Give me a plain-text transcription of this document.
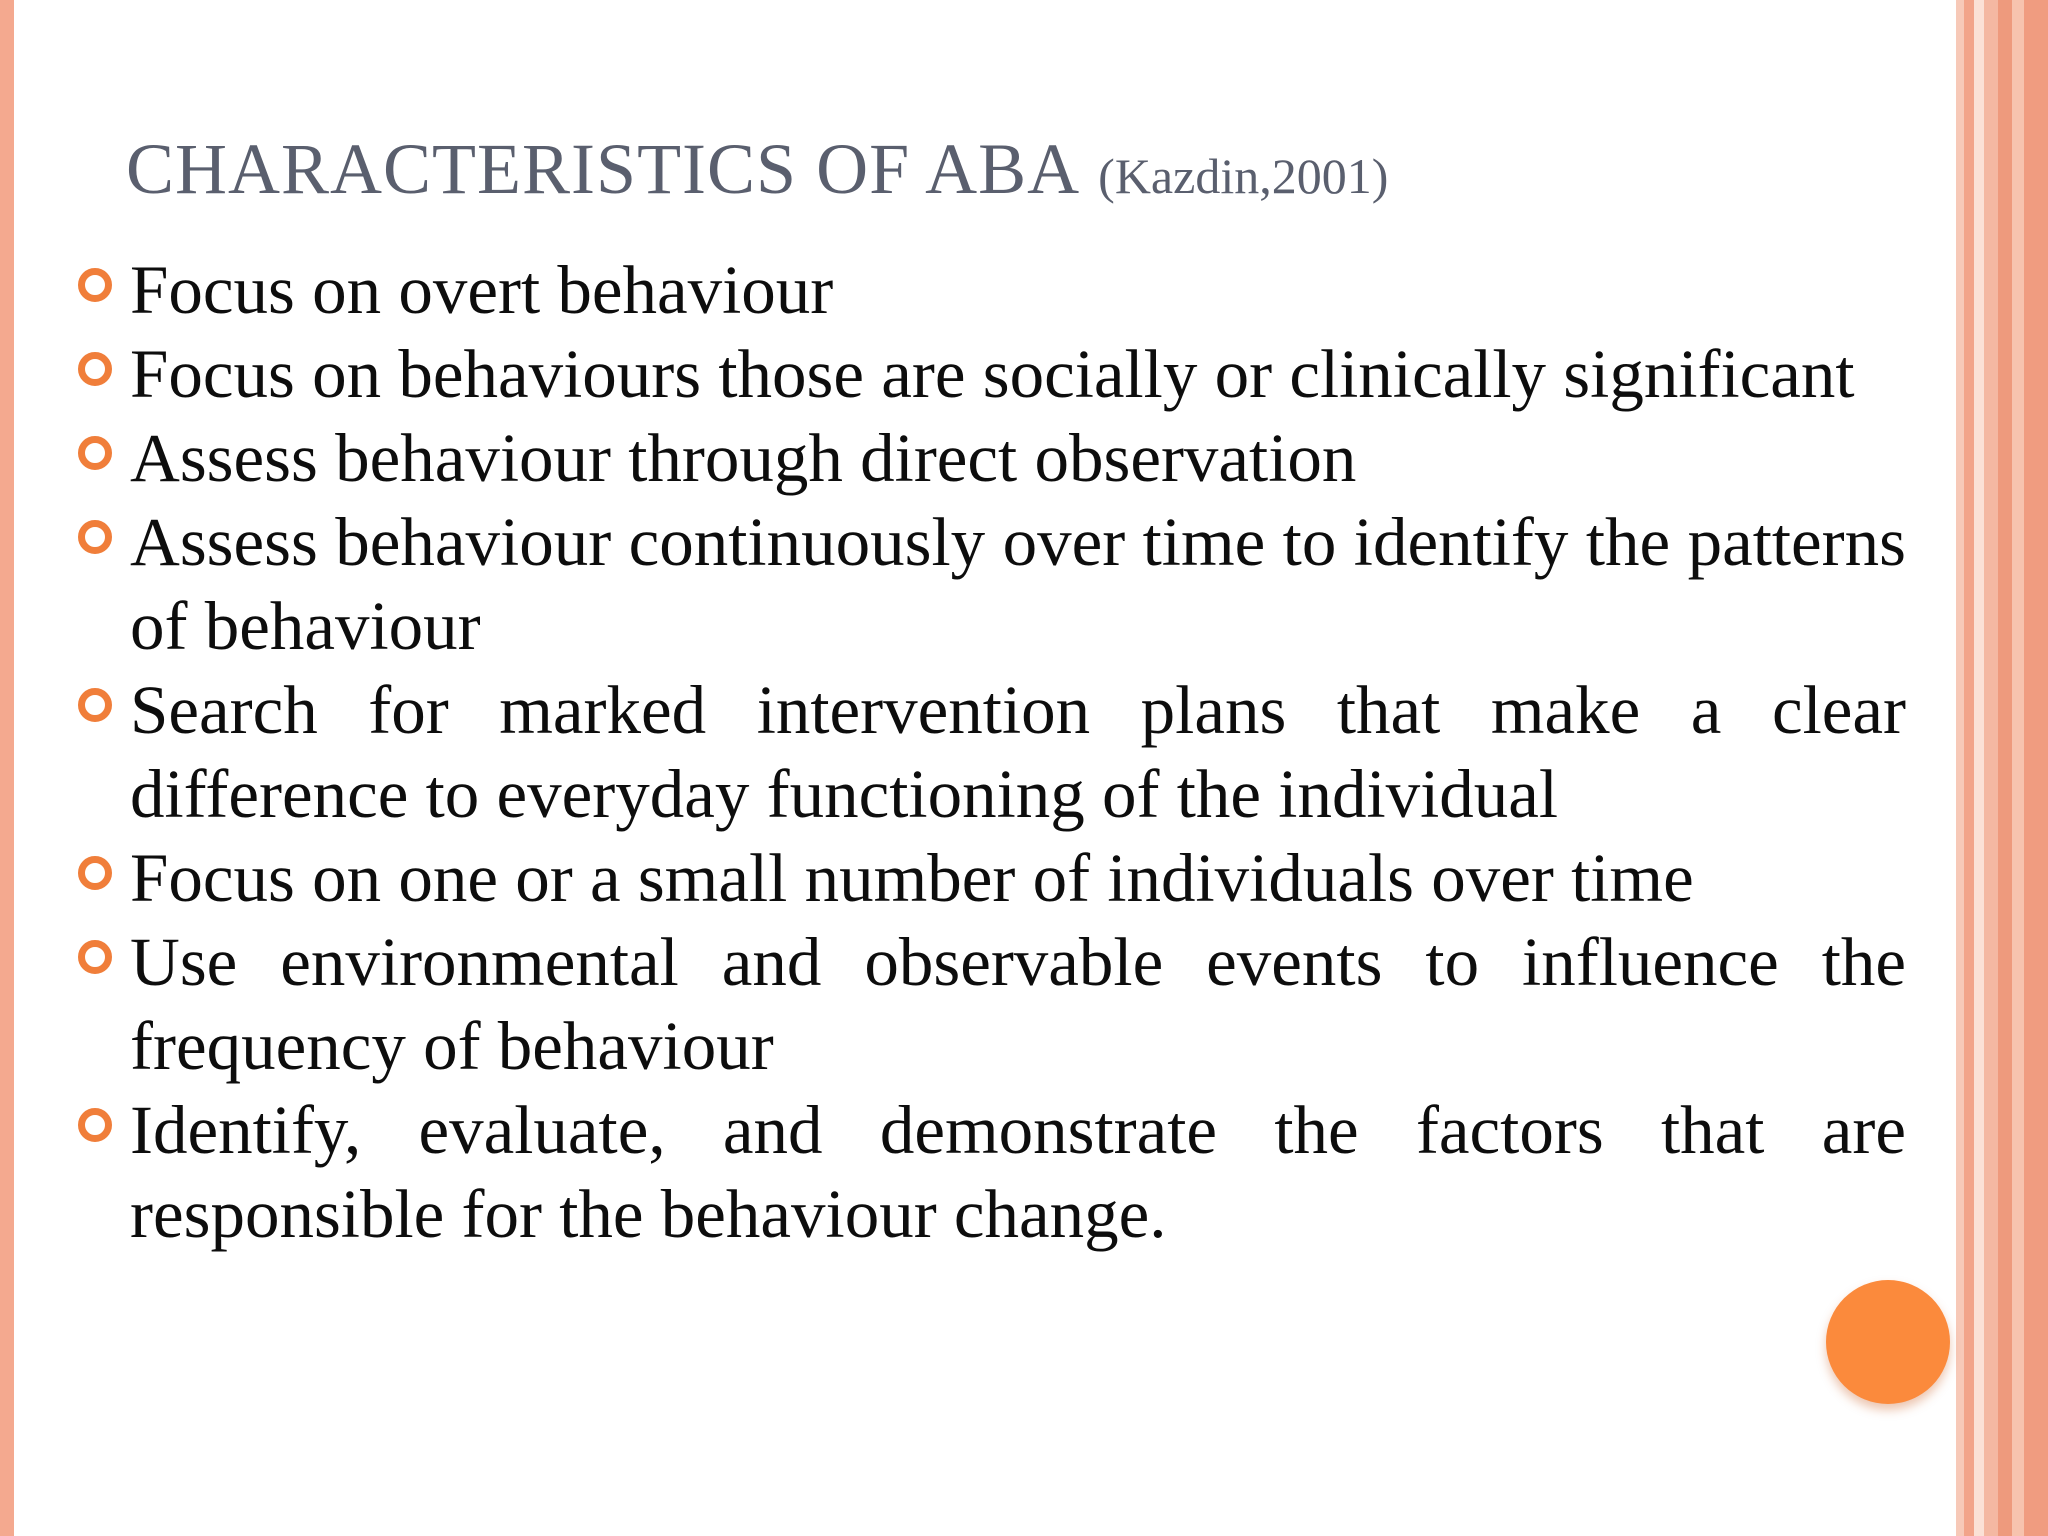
CHARACTERISTICS OF ABA (Kazdin,2001)
Focus on overt behaviour
Focus on behaviours those are socially or clinically significant
Assess behaviour through direct observation
Assess behaviour continuously over time to identify the patterns of behaviour
Search for marked intervention plans that make a clear difference to everyday functioning of the individual
Focus on one or a small number of individuals over time
Use environmental and observable events to influence the frequency of behaviour
Identify, evaluate, and demonstrate the factors that are responsible for the behaviour change.
